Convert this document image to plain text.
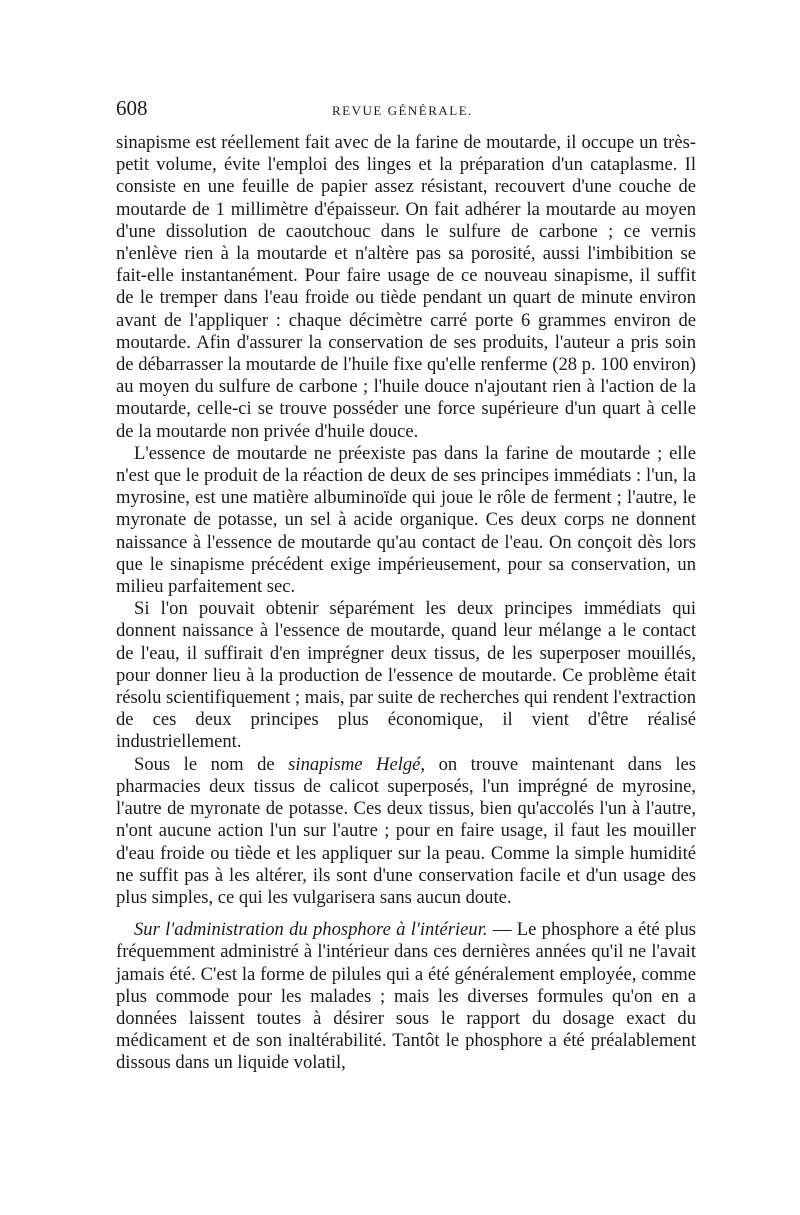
608	REVUE GÉNÉRALE.

sinapisme est réellement fait avec de la farine de moutarde, il occupe un très-petit volume, évite l'emploi des linges et la préparation d'un cataplasme. Il consiste en une feuille de papier assez résistant, recouvert d'une couche de moutarde de 1 millimètre d'épaisseur. On fait adhérer la moutarde au moyen d'une dissolution de caoutchouc dans le sulfure de carbone ; ce vernis n'enlève rien à la moutarde et n'altère pas sa porosité, aussi l'imbibition se fait-elle instantanément. Pour faire usage de ce nouveau sinapisme, il suffit de le tremper dans l'eau froide ou tiède pendant un quart de minute environ avant de l'appliquer : chaque décimètre carré porte 6 grammes environ de moutarde. Afin d'assurer la conservation de ses produits, l'auteur a pris soin de débarrasser la moutarde de l'huile fixe qu'elle renferme (28 p. 100 environ) au moyen du sulfure de carbone ; l'huile douce n'ajoutant rien à l'action de la moutarde, celle-ci se trouve posséder une force supérieure d'un quart à celle de la moutarde non privée d'huile douce.

L'essence de moutarde ne préexiste pas dans la farine de moutarde ; elle n'est que le produit de la réaction de deux de ses principes immédiats : l'un, la myrosine, est une matière albuminoïde qui joue le rôle de ferment ; l'autre, le myronate de potasse, un sel à acide organique. Ces deux corps ne donnent naissance à l'essence de moutarde qu'au contact de l'eau. On conçoit dès lors que le sinapisme précédent exige impérieusement, pour sa conservation, un milieu parfaitement sec.

Si l'on pouvait obtenir séparément les deux principes immédiats qui donnent naissance à l'essence de moutarde, quand leur mélange a le contact de l'eau, il suffirait d'en imprégner deux tissus, de les superposer mouillés, pour donner lieu à la production de l'essence de moutarde. Ce problème était résolu scientifiquement ; mais, par suite de recherches qui rendent l'extraction de ces deux principes plus économique, il vient d'être réalisé industriellement.

Sous le nom de sinapisme Helgé, on trouve maintenant dans les pharmacies deux tissus de calicot superposés, l'un imprégné de myrosine, l'autre de myronate de potasse. Ces deux tissus, bien qu'accolés l'un à l'autre, n'ont aucune action l'un sur l'autre ; pour en faire usage, il faut les mouiller d'eau froide ou tiède et les appliquer sur la peau. Comme la simple humidité ne suffit pas à les altérer, ils sont d'une conservation facile et d'un usage des plus simples, ce qui les vulgarisera sans aucun doute.

Sur l'administration du phosphore à l'intérieur. — Le phosphore a été plus fréquemment administré à l'intérieur dans ces dernières années qu'il ne l'avait jamais été. C'est la forme de pilules qui a été généralement employée, comme plus commode pour les malades ; mais les diverses formules qu'on en a données laissent toutes à désirer sous le rapport du dosage exact du médicament et de son inaltérabilité. Tantôt le phosphore a été préalablement dissous dans un liquide volatil,
